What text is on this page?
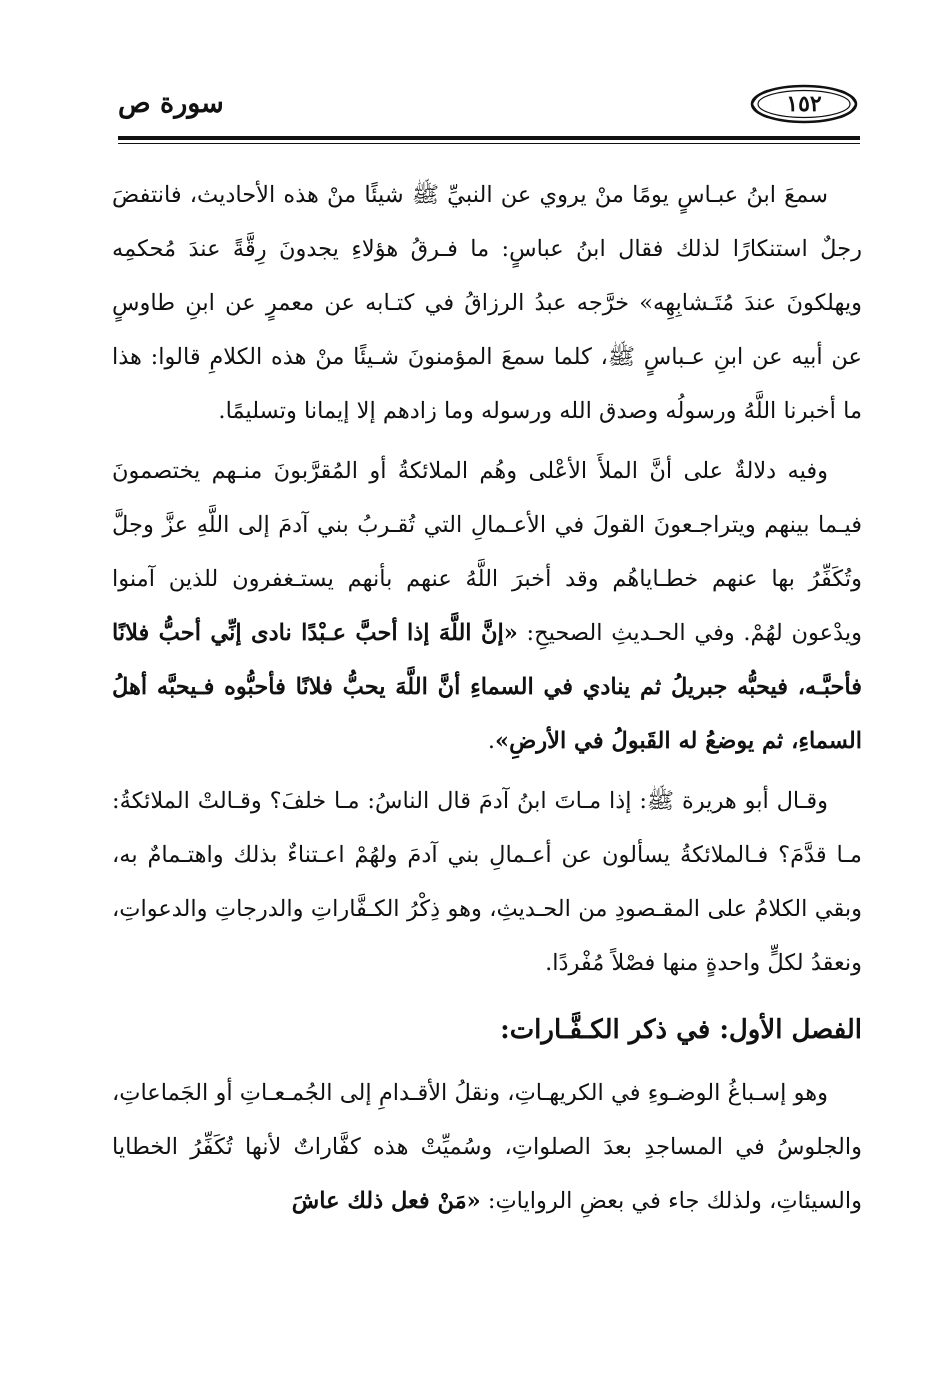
سورة ص	١٥٢

سمعَ ابنُ عبـاسٍ يومًا منْ يروي عن النبيِّ ﷺ شيئًا منْ هذه الأحاديث، فانتفضَ رجلٌ استنكارًا لذلك فقال ابنُ عباسٍ: ما فـرقُ هؤلاءِ يجدونَ رِقَّةً عندَ مُحكمِه ويهلكونَ عندَ مُتَـشابِهِه» خرَّجه عبدُ الرزاقُ في كتـابه عن معمرٍ عن ابنِ طاوسٍ عن أبيه عن ابنِ عـباسٍ ﷺ، كلما سمعَ المؤمنونَ شـيئًا منْ هذه الكلامِ قالوا: هذا ما أخبرنا اللَّهُ ورسولُه وصدق الله ورسوله وما زادهم إلا إيمانا وتسليمًا.

وفيه دلالةٌ على أنَّ الملأَ الأعْلى وهُم الملائكةُ أو المُقرَّبونَ منـهم يختصمونَ فيـما بينهم ويتراجـعونَ القولَ في الأعـمالِ التي تُقـربُ بني آدمَ إلى اللَّهِ عزَّ وجلَّ وتُكَفِّرُ بها عنهم خطـاياهُم وقد أخبرَ اللَّهُ عنهم بأنهم يستـغفرون للذين آمنوا ويدْعون لهُمْ. وفي الحـديثِ الصحيحِ: «إنَّ اللَّهَ إذا أحبَّ عـبْدًا نادى إنِّي أحبُّ فلانًا فأحبَّـه، فيحبُّه جبريلُ ثم ينادي في السماءِ أنَّ اللَّهَ يحبُّ فلانًا فأحبُّوه فـيحبَّه أهلُ السماءِ، ثم يوضعُ له القَبولُ في الأرضِ».

وقـال أبو هريرة ﷺ: إذا مـاتَ ابنُ آدمَ قال الناسُ: مـا خلفَ؟ وقـالتْ الملائكةُ: مـا قدَّمَ؟ فـالملائكةُ يسألون عن أعـمالِ بني آدمَ ولهُمْ اعـتناءٌ بذلك واهتـمامٌ به، وبقي الكلامُ على المقـصودِ من الحـديثِ، وهو ذِكْرُ الكـفَّاراتِ والدرجاتِ والدعواتِ، ونعقدُ لكلٍّ واحدةٍ منها فصْلاً مُفْردًا.

الفصل الأول: في ذكر الكـفَّـارات:

وهو إسـباغُ الوضـوءِ في الكريهـاتِ، ونقلُ الأقـدامِ إلى الجُمـعـاتِ أو الجَماعاتِ، والجلوسُ في المساجدِ بعدَ الصلواتِ، وسُميِّتْ هذه كفَّاراتٌ لأنها تُكَفِّرُ الخطايا والسيئاتِ، ولذلك جاء في بعضِ الرواياتِ: «مَنْ فعل ذلك عاشَ
